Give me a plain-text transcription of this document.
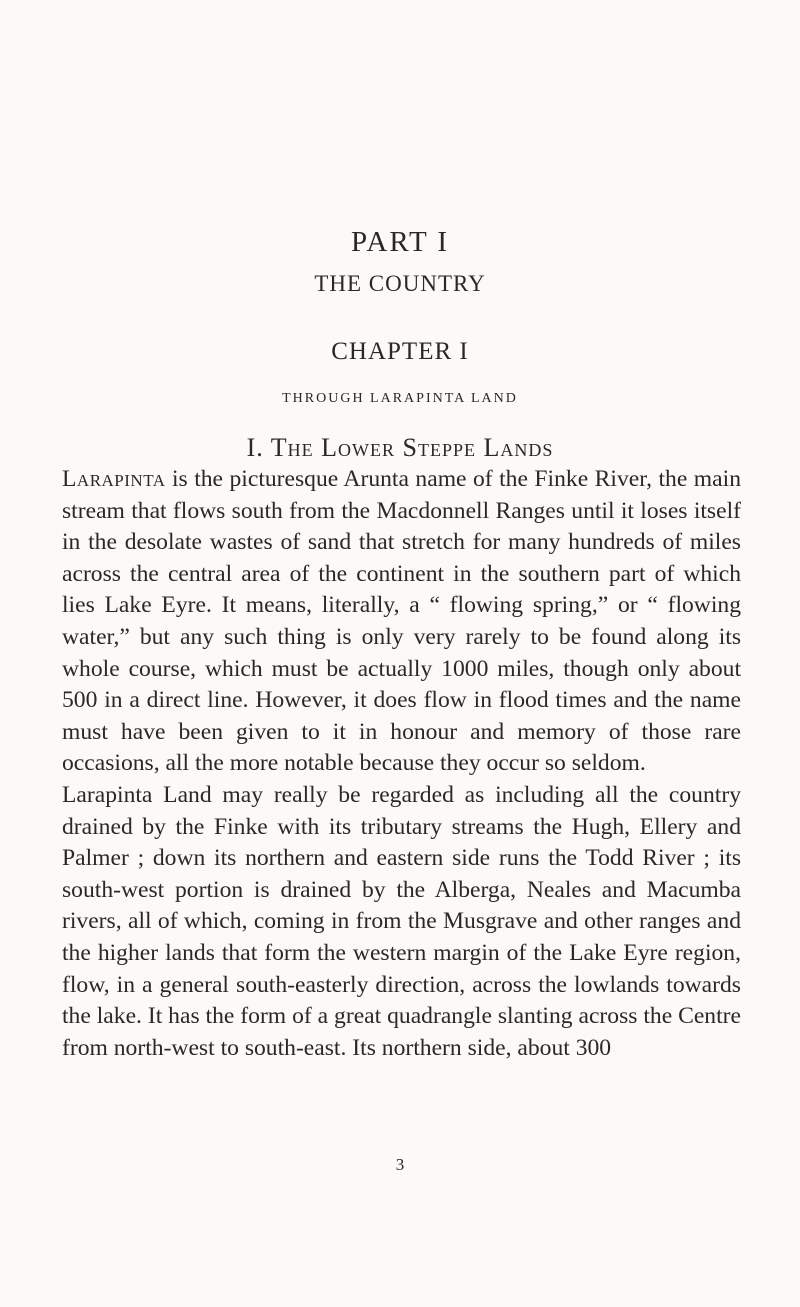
PART I
THE COUNTRY
CHAPTER I
THROUGH LARAPINTA LAND
I. The Lower Steppe Lands

Larapinta is the picturesque Arunta name of the Finke River, the main stream that flows south from the Macdonnell Ranges until it loses itself in the desolate wastes of sand that stretch for many hundreds of miles across the central area of the continent in the southern part of which lies Lake Eyre. It means, literally, a “ flowing spring,” or “ flowing water,” but any such thing is only very rarely to be found along its whole course, which must be actually 1000 miles, though only about 500 in a direct line. However, it does flow in flood times and the name must have been given to it in honour and memory of those rare occasions, all the more notable because they occur so seldom.

Larapinta Land may really be regarded as including all the country drained by the Finke with its tributary streams the Hugh, Ellery and Palmer ; down its northern and eastern side runs the Todd River ; its south-west portion is drained by the Alberga, Neales and Macumba rivers, all of which, coming in from the Musgrave and other ranges and the higher lands that form the western margin of the Lake Eyre region, flow, in a general south-easterly direction, across the lowlands towards the lake. It has the form of a great quadrangle slanting across the Centre from north-west to south-east. Its northern side, about 300

3
